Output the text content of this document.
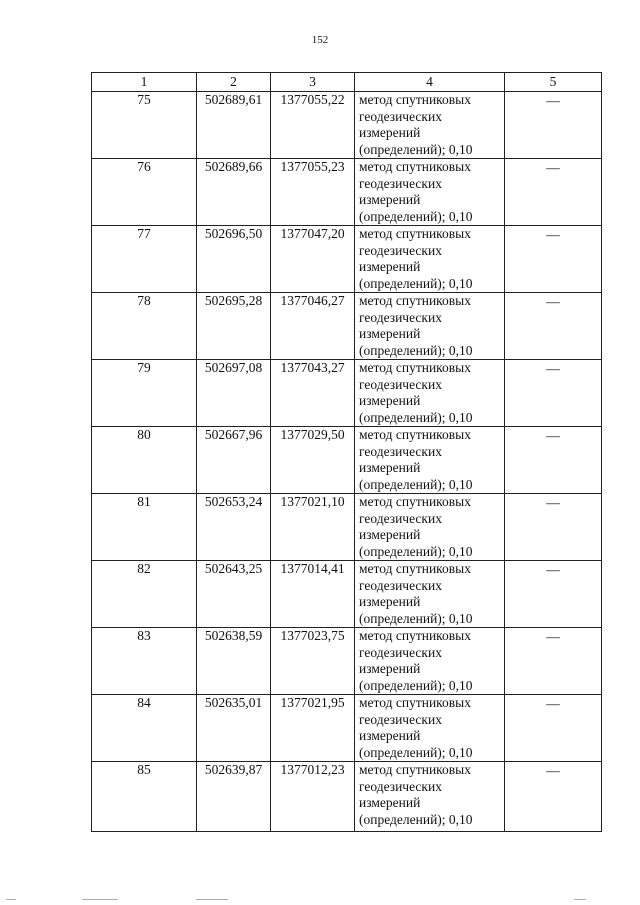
152
1	2	3	4	5
75	502689,61	1377055,22	метод спутниковых геодезических измерений (определений); 0,10	—

76	502689,66	1377055,23	метод спутниковых геодезических измерений (определений); 0,10	—

77	502696,50	1377047,20	метод спутниковых геодезических измерений (определений); 0,10	—

78	502695,28	1377046,27	метод спутниковых геодезических измерений (определений); 0,10	—

79	502697,08	1377043,27	метод спутниковых геодезических измерений (определений); 0,10	—

80	502667,96	1377029,50	метод спутниковых геодезических измерений (определений); 0,10	—

81	502653,24	1377021,10	метод спутниковых геодезических измерений (определений); 0,10	—

82	502643,25	1377014,41	метод спутниковых геодезических измерений (определений); 0,10	—

83	502638,59	1377023,75	метод спутниковых геодезических измерений (определений); 0,10	—

84	502635,01	1377021,95	метод спутниковых геодезических измерений (определений); 0,10	—

85	502639,87	1377012,23	метод спутниковых геодезических измерений (определений); 0,10	—
